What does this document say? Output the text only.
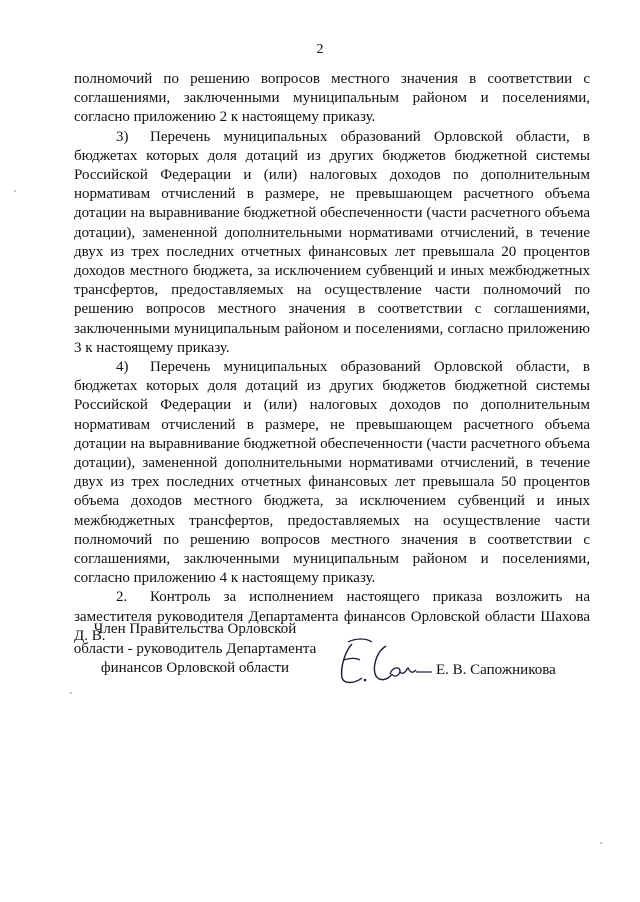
2

полномочий по решению вопросов местного значения в соответствии с соглашениями, заключенными муниципальным районом и поселениями, согласно приложению 2 к настоящему приказу.

3) Перечень муниципальных образований Орловской области, в бюджетах которых доля дотаций из других бюджетов бюджетной системы Российской Федерации и (или) налоговых доходов по дополнительным нормативам отчислений в размере, не превышающем расчетного объема дотации на выравнивание бюджетной обеспеченности (части расчетного объема дотации), замененной дополнительными нормативами отчислений, в течение двух из трех последних отчетных финансовых лет превышала 20 процентов доходов местного бюджета, за исключением субвенций и иных межбюджетных трансфертов, предоставляемых на осуществление части полномочий по решению вопросов местного значения в соответствии с соглашениями, заключенными муниципальным районом и поселениями, согласно приложению 3 к настоящему приказу.

4) Перечень муниципальных образований Орловской области, в бюджетах которых доля дотаций из других бюджетов бюджетной системы Российской Федерации и (или) налоговых доходов по дополнительным нормативам отчислений в размере, не превышающем расчетного объема дотации на выравнивание бюджетной обеспеченности (части расчетного объема дотации), замененной дополнительными нормативами отчислений, в течение двух из трех последних отчетных финансовых лет превышала 50 процентов объема доходов местного бюджета, за исключением субвенций и иных межбюджетных трансфертов, предоставляемых на осуществление части полномочий по решению вопросов местного значения в соответствии с соглашениями, заключенными муниципальным районом и поселениями, согласно приложению 4 к настоящему приказу.

2. Контроль за исполнением настоящего приказа возложить на заместителя руководителя Департамента финансов Орловской области Шахова Д. В.

Член Правительства Орловской
области - руководитель Департамента
финансов Орловской области	Е. В. Сапожникова
